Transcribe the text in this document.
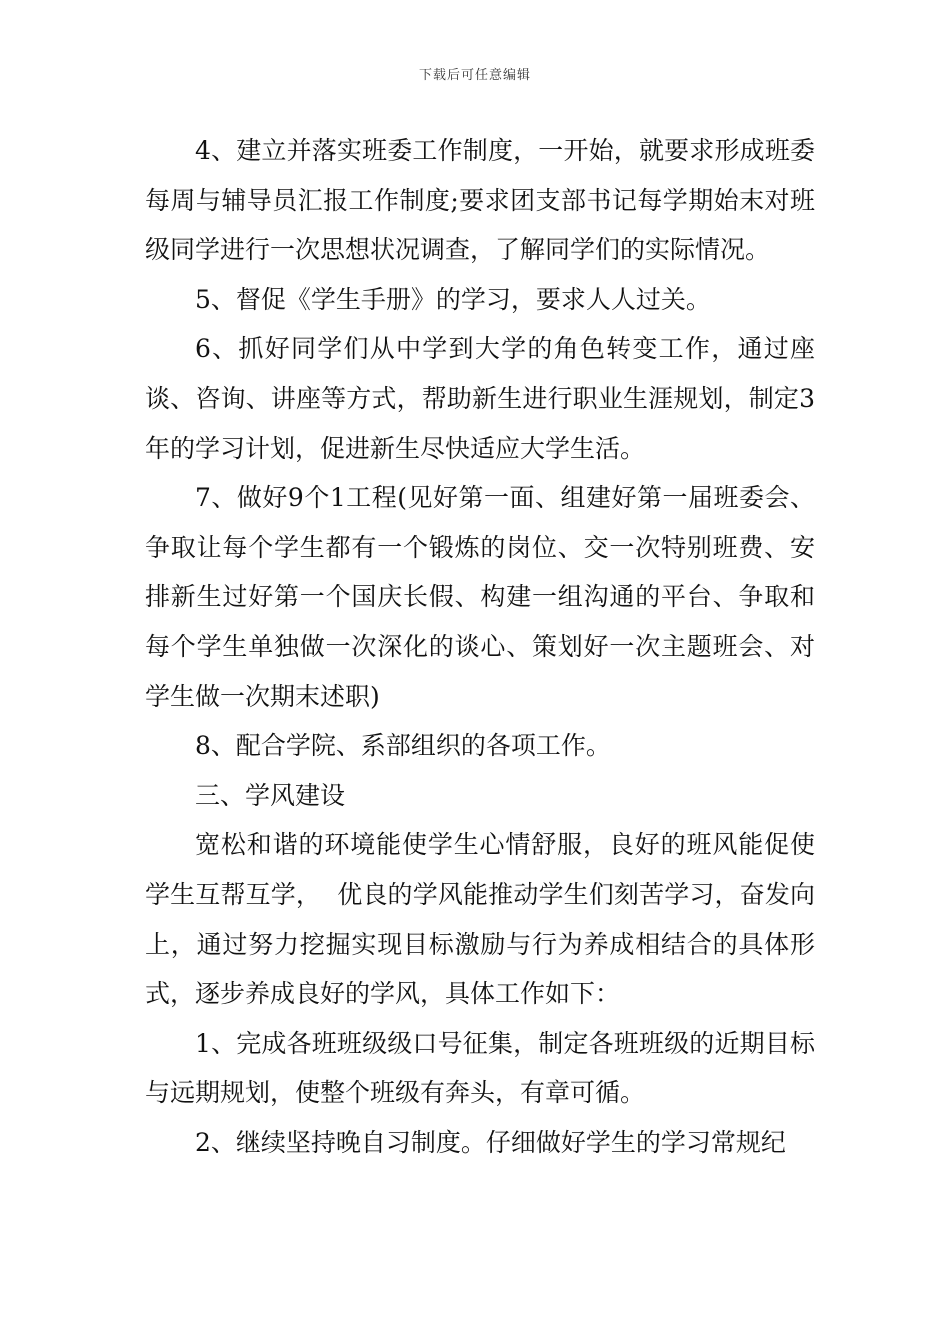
下载后可任意编辑

4、建立并落实班委工作制度，一开始，就要求形成班委每周与辅导员汇报工作制度;要求团支部书记每学期始末对班级同学进行一次思想状况调查，了解同学们的实际情况。

5、督促《学生手册》的学习，要求人人过关。

6、抓好同学们从中学到大学的角色转变工作，通过座谈、咨询、讲座等方式，帮助新生进行职业生涯规划，制定3年的学习计划，促进新生尽快适应大学生活。

7、做好9个1工程(见好第一面、组建好第一届班委会、争取让每个学生都有一个锻炼的岗位、交一次特别班费、安排新生过好第一个国庆长假、构建一组沟通的平台、争取和每个学生单独做一次深化的谈心、策划好一次主题班会、对学生做一次期末述职)

8、配合学院、系部组织的各项工作。

三、学风建设

宽松和谐的环境能使学生心情舒服，良好的班风能促使学生互帮互学，  优良的学风能推动学生们刻苦学习，奋发向上，通过努力挖掘实现目标激励与行为养成相结合的具体形式，逐步养成良好的学风，具体工作如下：

1、完成各班班级级口号征集，制定各班班级的近期目标与远期规划，使整个班级有奔头，有章可循。

2、继续坚持晚自习制度。仔细做好学生的学习常规纪
